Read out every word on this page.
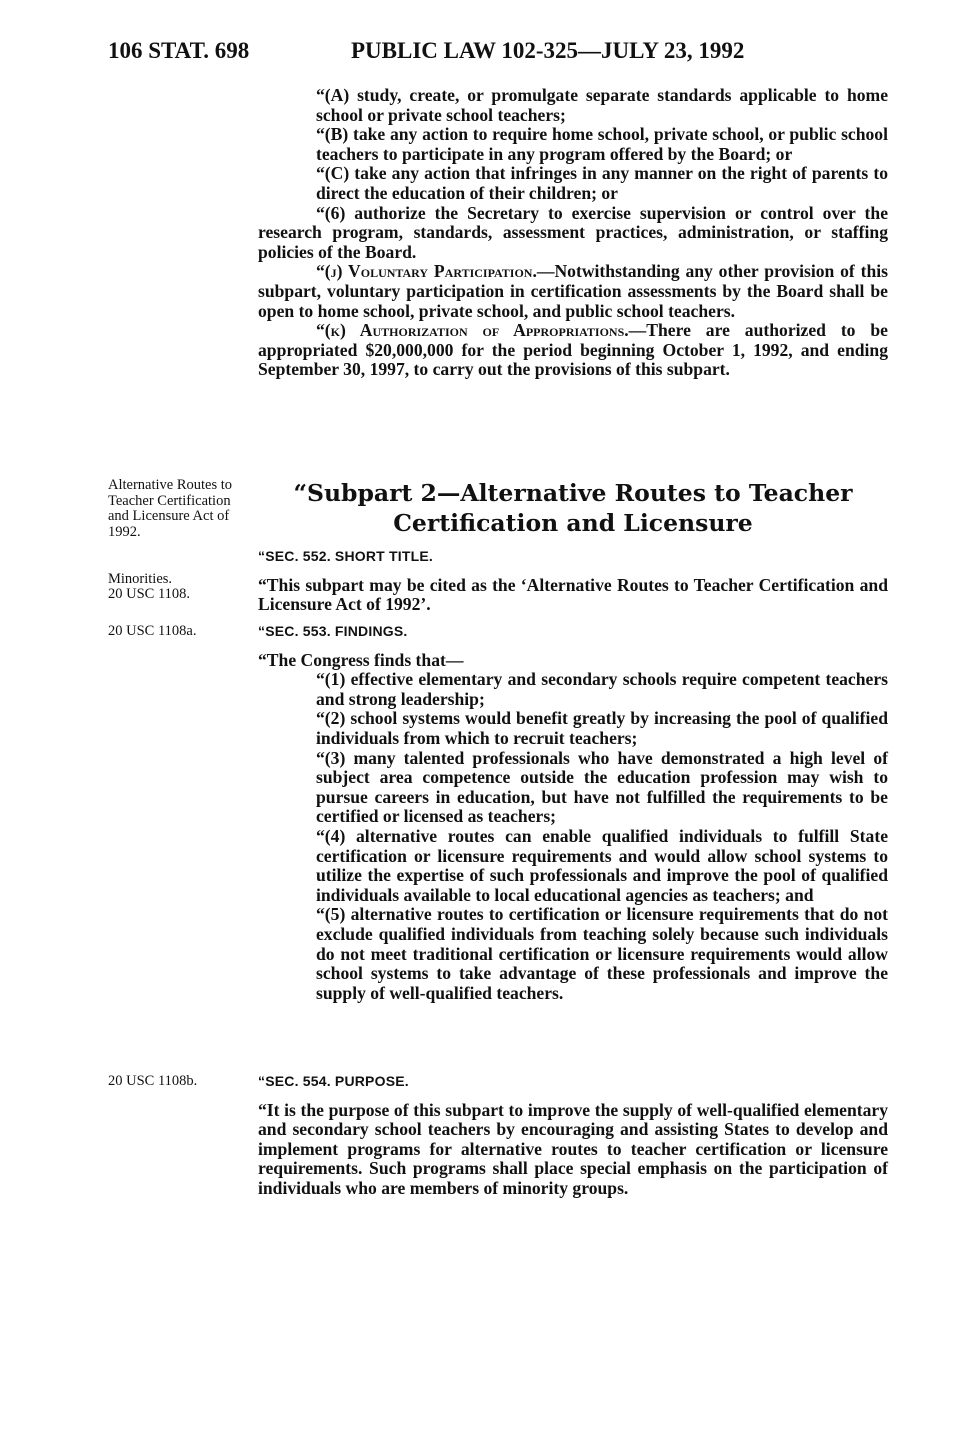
106 STAT. 698	PUBLIC LAW 102-325—JULY 23, 1992

“(A) study, create, or promulgate separate standards applicable to home school or private school teachers;

“(B) take any action to require home school, private school, or public school teachers to participate in any program offered by the Board; or

“(C) take any action that infringes in any manner on the right of parents to direct the education of their children; or

“(6) authorize the Secretary to exercise supervision or control over the research program, standards, assessment practices, administration, or staffing policies of the Board.

“(j) Voluntary Participation.—Notwithstanding any other provision of this subpart, voluntary participation in certification assessments by the Board shall be open to home school, private school, and public school teachers.

“(k) Authorization of Appropriations.—There are authorized to be appropriated $20,000,000 for the period beginning October 1, 1992, and ending September 30, 1997, to carry out the provisions of this subpart.

“Subpart 2—Alternative Routes to Teacher
Certification and Licensure
Alternative Routes to Teacher Certification and Licensure Act of 1992.
Minorities.
20 USC 1108.
20 USC 1108a.
20 USC 1108b.

“SEC. 552. SHORT TITLE.

“This subpart may be cited as the ‘Alternative Routes to Teacher Certification and Licensure Act of 1992’.

“SEC. 553. FINDINGS.

“The Congress finds that—

“(1) effective elementary and secondary schools require competent teachers and strong leadership;

“(2) school systems would benefit greatly by increasing the pool of qualified individuals from which to recruit teachers;

“(3) many talented professionals who have demonstrated a high level of subject area competence outside the education profession may wish to pursue careers in education, but have not fulfilled the requirements to be certified or licensed as teachers;

“(4) alternative routes can enable qualified individuals to fulfill State certification or licensure requirements and would allow school systems to utilize the expertise of such professionals and improve the pool of qualified individuals available to local educational agencies as teachers; and

“(5) alternative routes to certification or licensure requirements that do not exclude qualified individuals from teaching solely because such individuals do not meet traditional certification or licensure requirements would allow school systems to take advantage of these professionals and improve the supply of well-qualified teachers.

“SEC. 554. PURPOSE.

“It is the purpose of this subpart to improve the supply of well-qualified elementary and secondary school teachers by encouraging and assisting States to develop and implement programs for alternative routes to teacher certification or licensure requirements. Such programs shall place special emphasis on the participation of individuals who are members of minority groups.
